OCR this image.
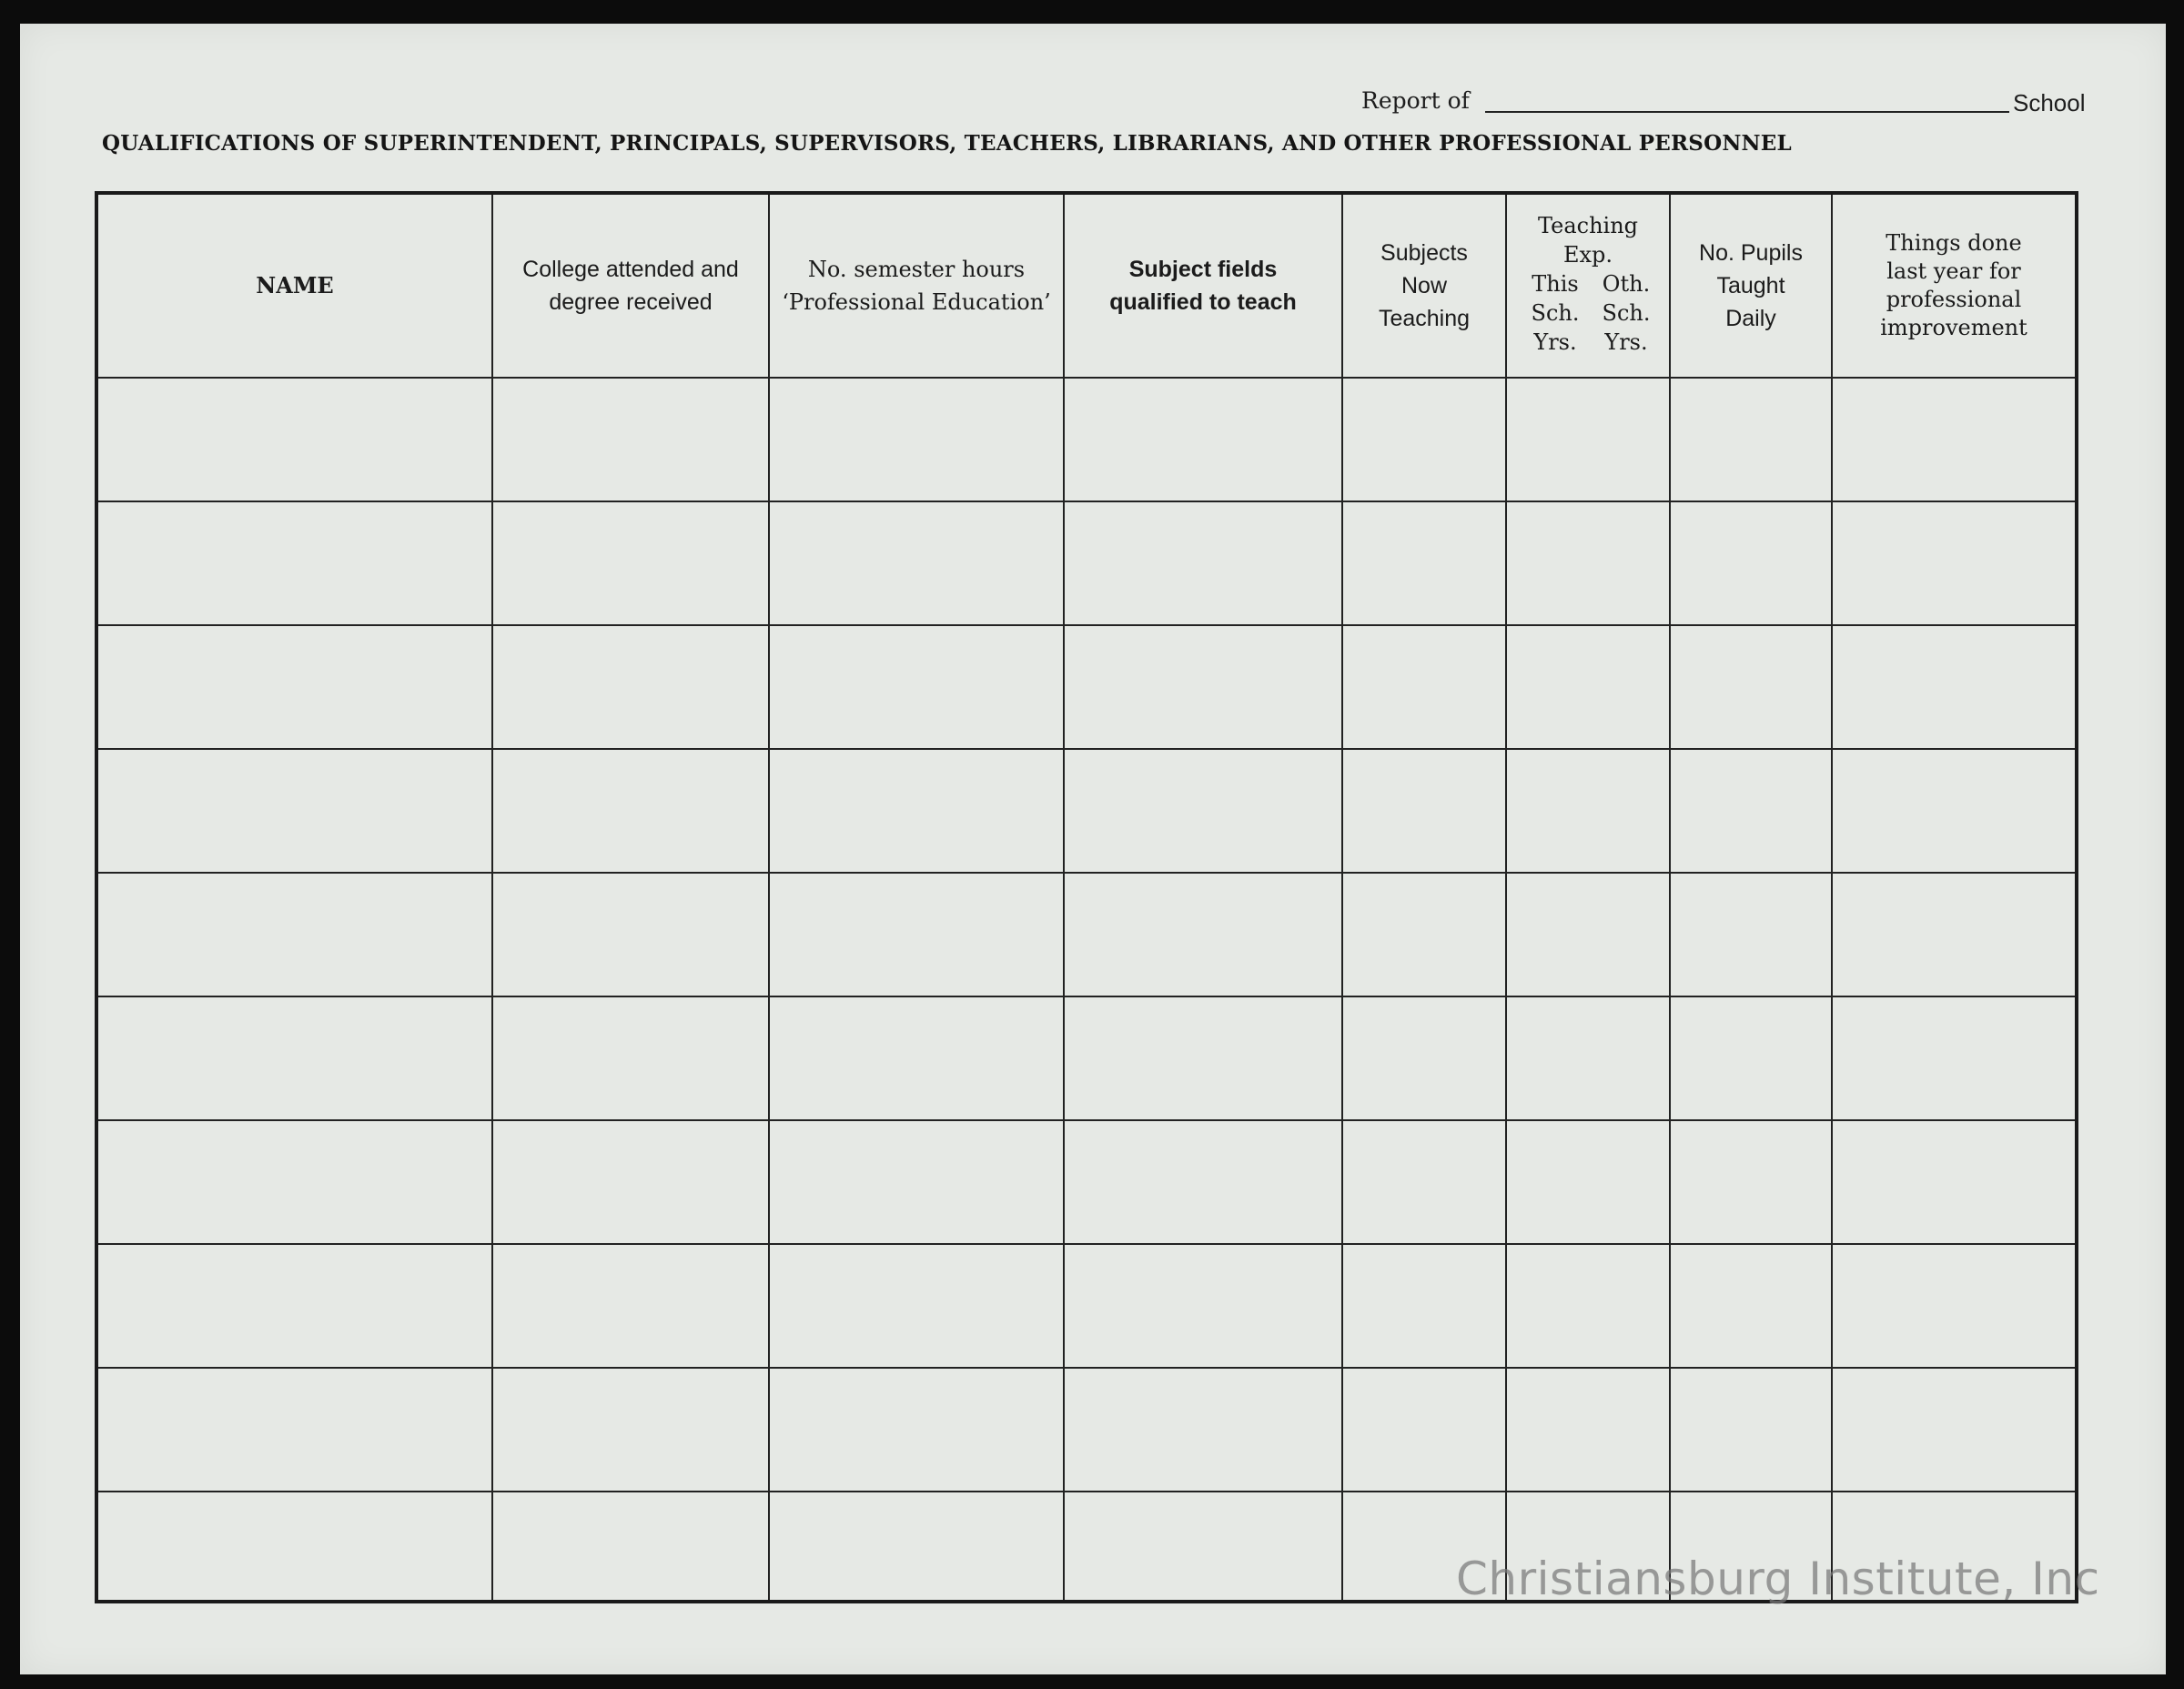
Report of	School
QUALIFICATIONS OF SUPERINTENDENT, PRINCIPALS, SUPERVISORS, TEACHERS, LIBRARIANS, AND OTHER PROFESSIONAL PERSONNEL
NAME
College attended and
degree received
No. semester hours
‘Professional Education’
Subject fields
qualified to teach
Subjects
Now
Teaching
Teaching
Exp.
This
Sch.
Yrs.
Oth.
Sch.
Yrs.
No. Pupils
Taught
Daily
Things done
last year for
professional
improvement
Christiansburg Institute, Inc
